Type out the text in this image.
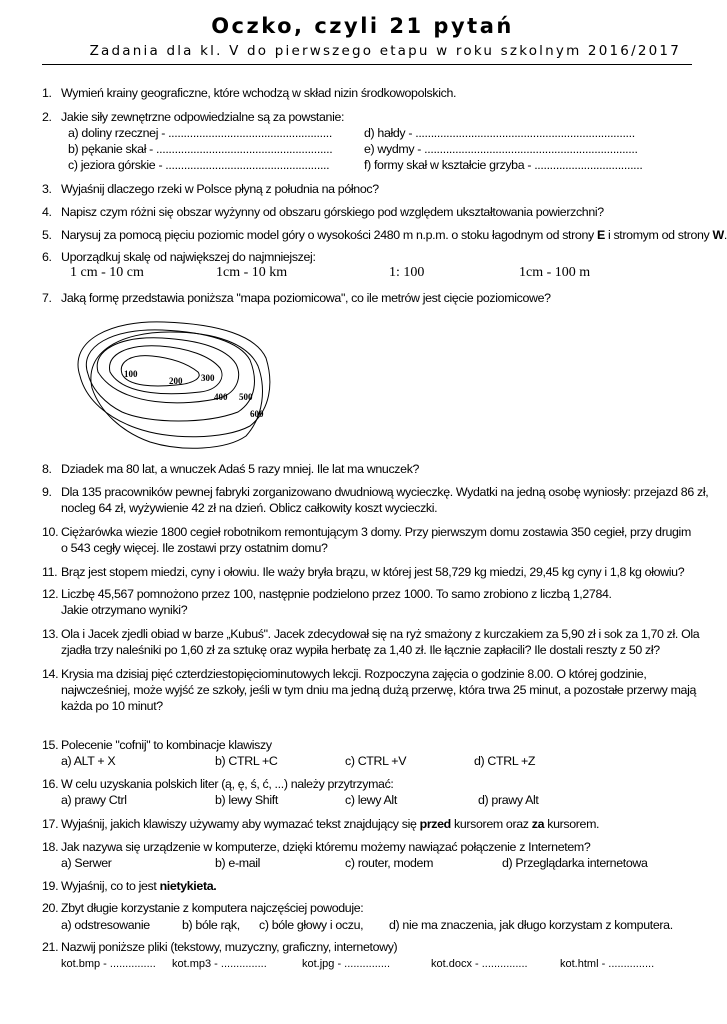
Oczko, czyli 21 pytań
Zadania dla kl. V do pierwszego etapu w roku szkolnym 2016/2017
1. Wymień krainy geograficzne, które wchodzą w skład nizin środkowopolskich.
2. Jakie siły zewnętrzne odpowiedzialne są za powstanie:
a) doliny rzecznej - .....................................................
b) pękanie skał - .........................................................
c) jeziora górskie - .....................................................
d) hałdy - .......................................................................
e) wydmy - .....................................................................
f) formy skał w kształcie grzyba - ...................................
3. Wyjaśnij dlaczego rzeki w Polsce płyną z południa na północ?
4. Napisz czym różni się obszar wyżynny od obszaru górskiego pod względem ukształtowania powierzchni?
5. Narysuj za pomocą pięciu poziomic model góry o wysokości 2480 m n.p.m. o stoku łagodnym od strony E i stromym od strony W.
6. Uporządkuj skalę od największej do najmniejszej:
1 cm - 10 cm	1cm - 10 km	1: 100	1cm - 100 m
7. Jaką formę przedstawia poniższa "mapa poziomicowa", co ile metrów jest cięcie poziomicowe?
100
200 300
400 500
600
8. Dziadek ma 80 lat, a wnuczek Adaś 5 razy mniej. Ile lat ma wnuczek?
9. Dla 135 pracowników pewnej fabryki zorganizowano dwudniową wycieczkę. Wydatki na jedną osobę wyniosły: przejazd 86 zł,
nocleg 64 zł, wyżywienie 42 zł na dzień. Oblicz całkowity koszt wycieczki.
10. Ciężarówka wiezie 1800 cegieł robotnikom remontującym 3 domy. Przy pierwszym domu zostawia 350 cegieł, przy drugim
o 543 cegły więcej. Ile zostawi przy ostatnim domu?
11. Brąz jest stopem miedzi, cyny i ołowiu. Ile waży bryła brązu, w której jest 58,729 kg miedzi, 29,45 kg cyny i 1,8 kg ołowiu?
12. Liczbę 45,567 pomnożono przez 100, następnie podzielono przez 1000. To samo zrobiono z liczbą 1,2784.
Jakie otrzymano wyniki?
13. Ola i Jacek zjedli obiad w barze „Kubuś". Jacek zdecydował się na ryż smażony z kurczakiem za 5,90 zł i sok za 1,70 zł. Ola
zjadła trzy naleśniki po 1,60 zł za sztukę oraz wypiła herbatę za 1,40 zł. Ile łącznie zapłacili? Ile dostali reszty z 50 zł?
14. Krysia ma dzisiaj pięć czterdziestopięciominutowych lekcji. Rozpoczyna zajęcia o godzinie 8.00. O której godzinie,
najwcześniej, może wyjść ze szkoły, jeśli w tym dniu ma jedną dużą przerwę, która trwa 25 minut, a pozostałe przerwy mają
każda po 10 minut?
15. Polecenie "cofnij" to kombinacje klawiszy
a) ALT + X	b) CTRL +C	c) CTRL +V	d) CTRL +Z
16. W celu uzyskania polskich liter (ą, ę, ś, ć, ...) należy przytrzymać:
a) prawy Ctrl	b) lewy Shift	c) lewy Alt	d) prawy Alt
17. Wyjaśnij, jakich klawiszy używamy aby wymazać tekst znajdujący się przed kursorem oraz za kursorem.
18. Jak nazywa się urządzenie w komputerze, dzięki któremu możemy nawiązać połączenie z Internetem?
a) Serwer	b) e-mail	c) router, modem	d) Przeglądarka internetowa
19. Wyjaśnij, co to jest nietykieta.
20. Zbyt długie korzystanie z komputera najczęściej powoduje:
a) odstresowanie	b) bóle rąk, c) bóle głowy i oczu, d) nie ma znaczenia, jak długo korzystam z komputera.
21. Nazwij poniższe pliki (tekstowy, muzyczny, graficzny, internetowy)
kot.bmp - ............... kot.mp3 - ...............	kot.jpg - ...............	kot.docx - ...............	kot.html - ...............
